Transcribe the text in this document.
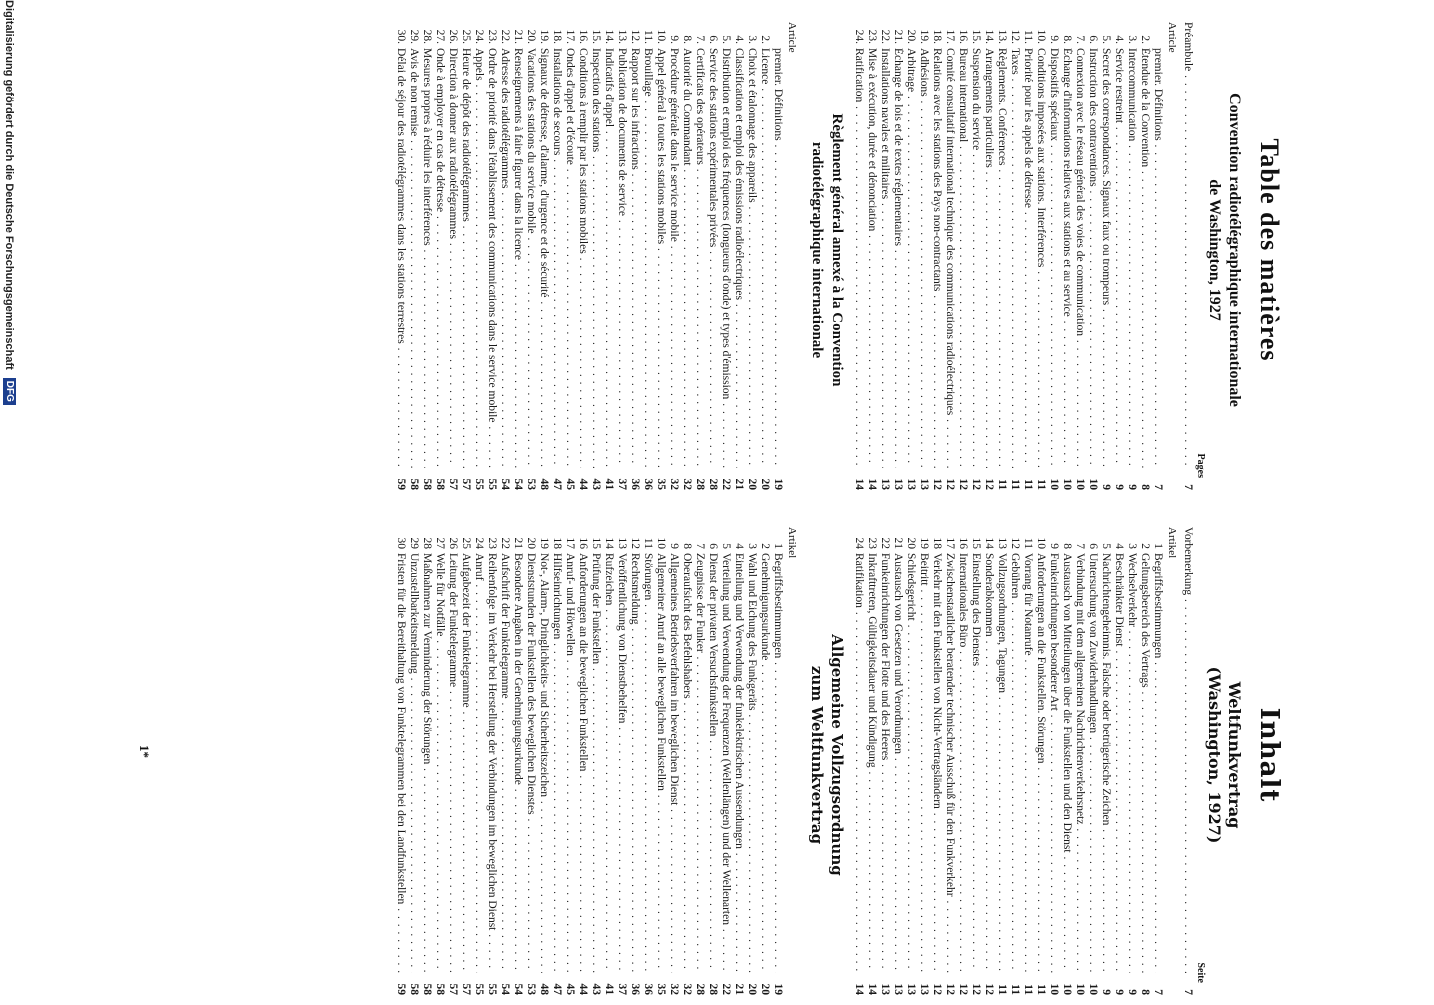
Table des matières
Convention radiotélégraphique internationale
de Washington, 1927
Pages
Préambule . . .
7
Article
premier. Définitions . . .
7
2.
Étendue de la Convention . . .
8
3.
Intercommunication . . .
9
4.
Service restreint . . .
9
5.
Secret des correspondances. Signaux faux ou trompeurs . . .
9
6.
Instruction des contraventions . . .
10
7.
Connexion avec le réseau général des voies de communication . . .
10
8.
Échange d'informations relatives aux stations et au service . . .
10
9.
Dispositifs spéciaux . . .
10
10.
Conditions imposées aux stations. Interférences . . .
11
11.
Priorité pour les appels de détresse . . .
11
12.
Taxes . . .
11
13.
Règlements. Conférences . . .
11
14.
Arrangements particuliers . . .
12
15.
Suspension du service . . .
12
16.
Bureau international . . .
12
17.
Comité consultatif international technique des communications radioélectriques . . .
12
18.
Relations avec les stations des Pays non-contractants . . .
12
19.
Adhésions . . .
13
20.
Arbitrage . . .
13
21.
Échange de lois et de textes réglementaires . . .
13
22.
Installations navales et militaires . . .
13
23.
Mise à exécution, durée et dénonciation . . .
14
24.
Ratification . . .
14
Règlement général annexé à la Convention
radiotélégraphique internationale
Article
premier. Définitions . . .
19
2.
Licence . . .
20
3.
Choix et étalonnage des appareils . . .
20
4.
Classification et emploi des émissions radioélectriques . . .
21
5.
Distribution et emploi des fréquences (longueurs d'onde) et types d'émission . . .
22
6.
Service des stations expérimentales privées . . .
28
7.
Certificats des opérateurs . . .
28
8.
Autorité du Commandant . . .
32
9.
Procédure générale dans le service mobile . . .
32
10.
Appel général à toutes les stations mobiles . . .
35
11.
Brouillage . . .
36
12.
Rapport sur les infractions . . .
36
13.
Publication de documents de service . . .
37
14.
Indicatifs d'appel . . .
41
15.
Inspection des stations . . .
43
16.
Conditions à remplir par les stations mobiles . . .
44
17.
Ondes d'appel et d'écoute . . .
45
18.
Installations de secours . . .
47
19.
Signaux de détresse, d'alarme, d'urgence et de sécurité . . .
48
20.
Vacations des stations du service mobile . . .
53
21.
Renseignements à faire figurer dans la licence . . .
54
22.
Adresse des radiotélégrammes . . .
54
23.
Ordre de priorité dans l'établissement des communications dans le service mobile . . .
55
24.
Appels . . .
55
25.
Heure de dépôt des radiotélégrammes . . .
57
26.
Direction à donner aux radiotélégrammes . . .
57
27.
Onde à employer en cas de détresse . . .
58
28.
Mesures propres à réduire les interférences . . .
58
29.
Avis de non remise . . .
58
30.
Délai de séjour des radiotélégrammes dans les stations terrestres . . .
59
Inhalt
Weltfunkvertrag
(Washington, 1927)
Seite
Vorbemerkung . . .
7
Artikel
1
Begriffsbestimmungen . . .
7
2
Geltungsbereich des Vertrags . . .
8
3
Wechselverkehr . . .
9
4
Beschränkter Dienst . . .
9
5
Nachrichtengeheimnis. Falsche oder betrügerische Zeichen . . .
9
6
Untersuchung von Zuwiderhandlungen . . .
10
7
Verbindung mit dem allgemeinen Nachrichtenverkehrsnetz . . .
10
8
Austausch von Mitteilungen über die Funkstellen und den Dienst . . .
10
9
Funkeinrichtungen besonderer Art . . .
10
10
Anforderungen an die Funkstellen. Störungen . . .
11
11
Vorrang für Notanrufe . . .
11
12
Gebühren . . .
11
13
Vollzugsordnungen, Tagungen . . .
11
14
Sonderabkommen . . .
12
15
Einstellung des Dienstes . . .
12
16
Internationales Büro . . .
12
17
Zwischenstaatlicher beratender technischer Ausschuß für den Funkverkehr . . .
12
18
Verkehr mit den Funkstellen von Nicht-Vertragsländern . . .
12
19
Beitritt . . .
13
20
Schiedsgericht . . .
13
21
Austausch von Gesetzen und Verordnungen . . .
13
22
Funkeinrichtungen der Flotte und des Heeres . . .
13
23
Inkrafttreten, Gültigkeitsdauer und Kündigung . . .
14
24
Ratifikation . . .
14
Allgemeine Vollzugsordnung
zum Weltfunkvertrag
Artikel
1
Begriffsbestimmungen . . .
19
2
Genehmigungsurkunde . . .
20
3
Wahl und Eichung des Funkgeräts . . .
20
4
Einteilung und Verwendung der funkelektrischen Aussendungen . . .
21
5
Verteilung und Verwendung der Frequenzen (Wellenlängen) und der Wellenarten . . .
22
6
Dienst der privaten Versuchsfunkstellen . . .
28
7
Zeugnisse der Funker . . .
28
8
Oberaufsicht des Befehlshabers . . .
32
9
Allgemeines Betriebsverfahren im beweglichen Dienst . . .
32
10
Allgemeiner Anruf an alle beweglichen Funkstellen . . .
35
11
Störungen . . .
36
12
Rechtsmeldung . . .
36
13
Veröffentlichung von Dienstbehelfen . . .
37
14
Rufzeichen . . .
41
15
Prüfung der Funkstellen . . .
43
16
Anforderungen an die beweglichen Funkstellen . . .
44
17
Anruf- und Hörwellen . . .
45
18
Hilfseinrichtungen . . .
47
19
Not-, Alarm-, Dringlichkeits- und Sicherheitszeichen . . .
48
20
Dienststunden der Funkstellen des beweglichen Dienstes . . .
53
21
Besondere Angaben in der Genehmigungsurkunde . . .
54
22
Aufschrift der Funktelegramme . . .
54
23
Reihenfolge im Verkehr bei Herstellung der Verbindungen im beweglichen Dienst . . .
55
24
Anruf . . .
55
25
Aufgabezeit der Funktelegramme . . .
57
26
Leitung der Funktelegramme . . .
57
27
Welle für Notfälle . . .
58
28
Maßnahmen zur Verminderung der Störungen . . .
58
29
Unzustellbarkeitsmeldung . . .
58
30
Fristen für die Bereithaltung von Funktelegrammen bei den Landfunkstellen . . .
59
1*
Digitalisierung gefördert durch die Deutsche Forschungsgemeinschaft
DFG
